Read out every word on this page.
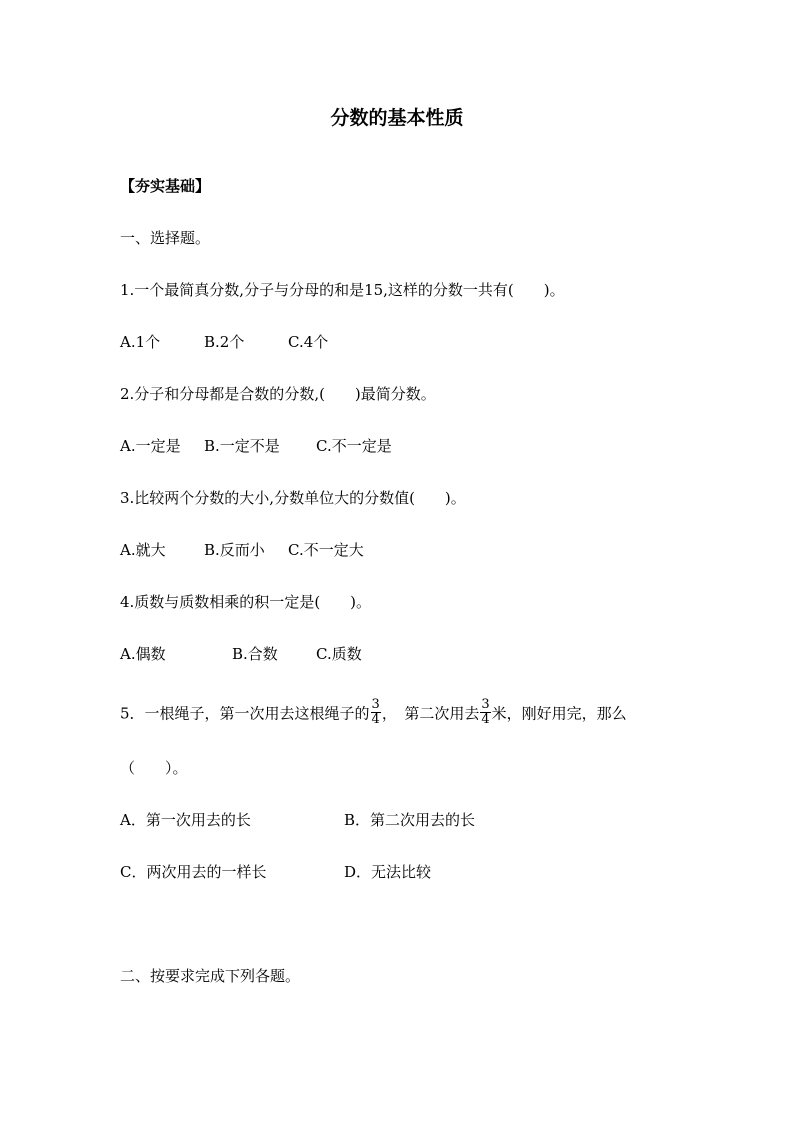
分数的基本性质
【夯实基础】
一、选择题。
1.一个最简真分数,分子与分母的和是15,这样的分数一共有(　　)。
A.1个	B.2个	C.4个
2.分子和分母都是合数的分数,(　　)最简分数。
A.一定是 B.一定不是 C.不一定是
3.比较两个分数的大小,分数单位大的分数值(　　)。
A.就大	B.反而小 C.不一定大
4.质数与质数相乘的积一定是(　　)。
A.偶数	B.合数	C.质数
5．一根绳子，第一次用去这根绳子的 $\frac{3}{4}$ ，　第二次用去 $\frac{3}{4}$ 米，刚好用完，那么
（　　）。
A．第一次用去的长	B．第二次用去的长
C．两次用去的一样长	D．无法比较
二、按要求完成下列各题。
